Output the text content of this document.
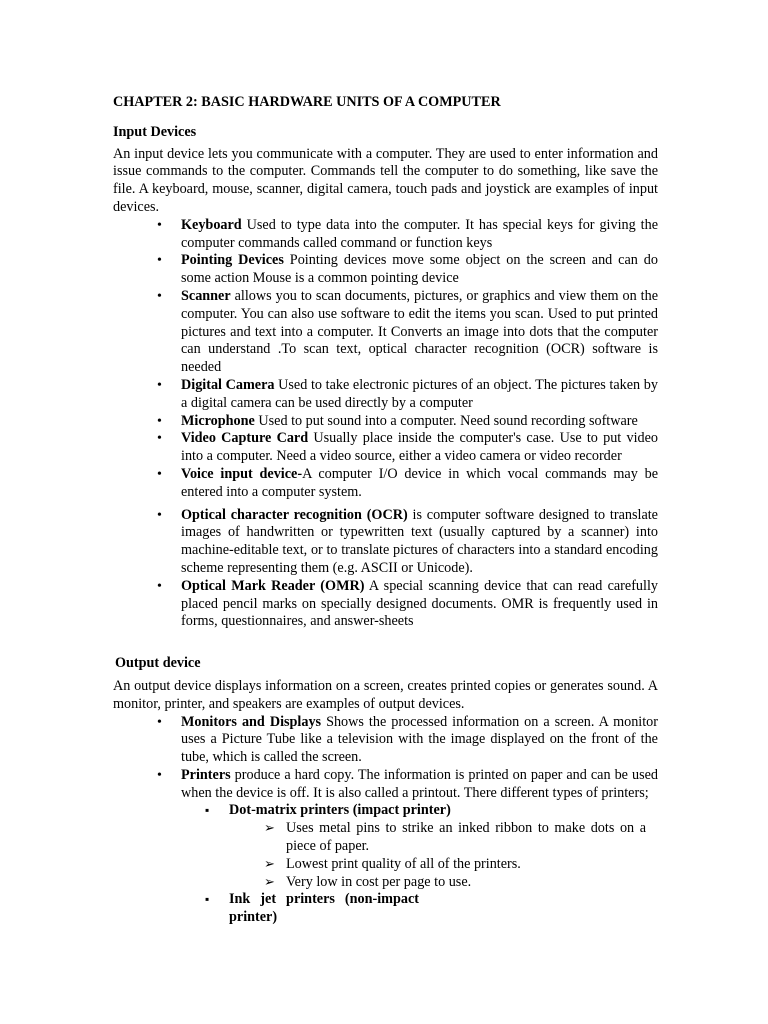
CHAPTER 2: BASIC HARDWARE UNITS OF A COMPUTER
Input Devices

An input device lets you communicate with a computer. They are used to enter information and issue commands to the computer. Commands tell the computer to do something, like save the file. A keyboard, mouse, scanner, digital camera, touch pads and joystick are examples of input devices.

• Keyboard Used to type data into the computer. It has special keys for giving the computer commands called command or function keys
• Pointing Devices Pointing devices move some object on the screen and can do some action Mouse is a common pointing device
• Scanner allows you to scan documents, pictures, or graphics and view them on the computer. You can also use software to edit the items you scan. Used to put printed pictures and text into a computer. It Converts an image into dots that the computer can understand .To scan text, optical character recognition (OCR) software is needed
• Digital Camera Used to take electronic pictures of an object. The pictures taken by a digital camera can be used directly by a computer
• Microphone Used to put sound into a computer. Need sound recording software
• Video Capture Card Usually place inside the computer's case. Use to put video into a computer. Need a video source, either a video camera or video recorder
• Voice input device-A computer I/O device in which vocal commands may be entered into a computer system.
• Optical character recognition (OCR) is computer software designed to translate images of handwritten or typewritten text (usually captured by a scanner) into machine-editable text, or to translate pictures of characters into a standard encoding scheme representing them (e.g. ASCII or Unicode).
• Optical Mark Reader (OMR) A special scanning device that can read carefully placed pencil marks on specially designed documents. OMR is frequently used in forms, questionnaires, and answer-sheets
Output device

An output device displays information on a screen, creates printed copies or generates sound. A monitor, printer, and speakers are examples of output devices.

• Monitors and Displays Shows the processed information on a screen. A monitor uses a Picture Tube like a television with the image displayed on the front of the tube, which is called the screen.
• Printers produce a hard copy. The information is printed on paper and can be used when the device is off. It is also called a printout. There different types of printers;
▪ Dot-matrix printers (impact printer)
➢ Uses metal pins to strike an inked ribbon to make dots on a piece of paper.
➢ Lowest print quality of all of the printers.
➢ Very low in cost per page to use.
▪ Ink jet printers (non-impact printer)
